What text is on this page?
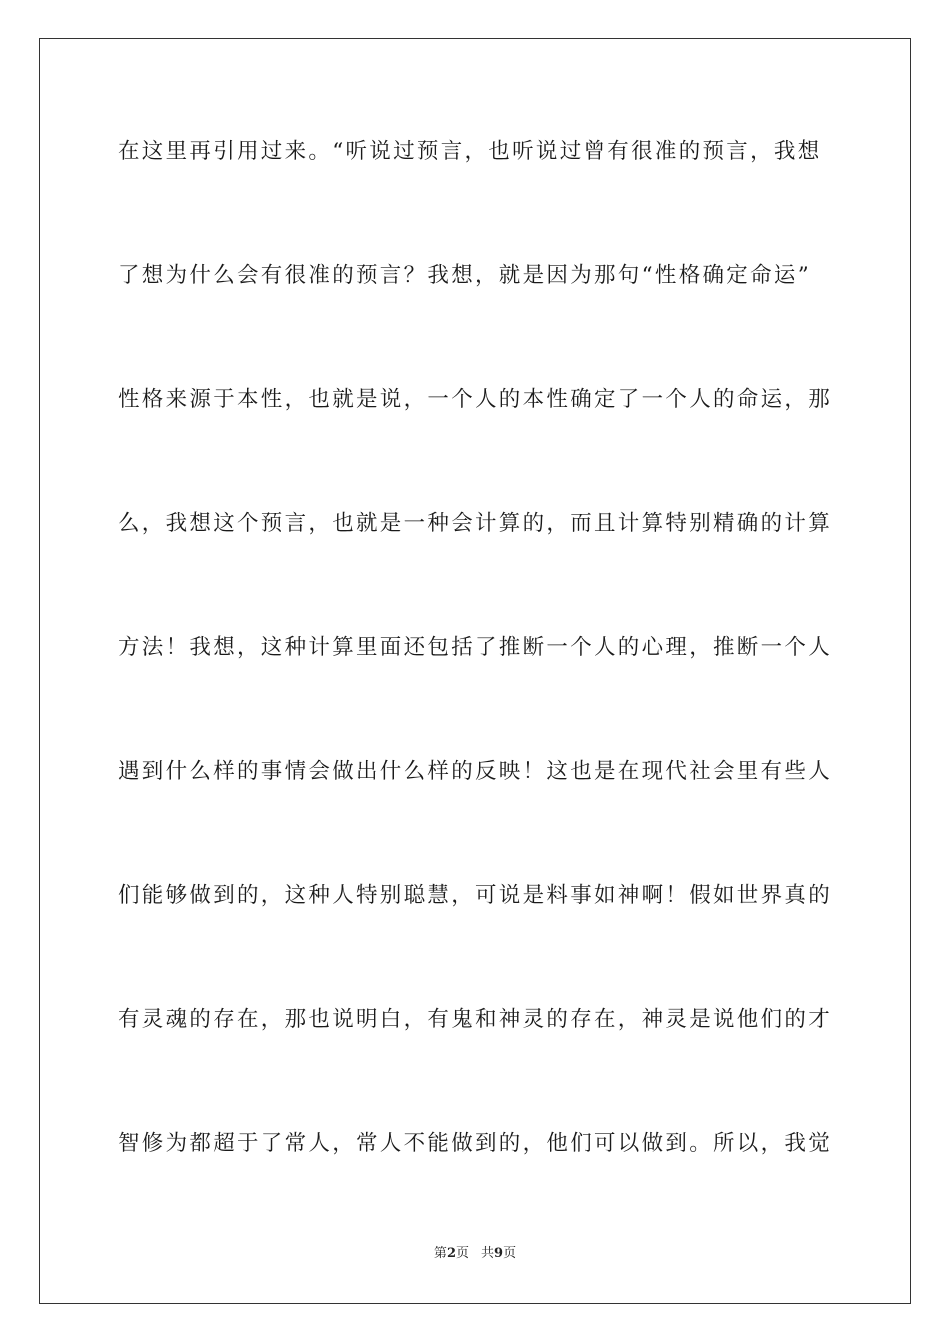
在这里再引用过来。“听说过预言，也听说过曾有很准的预言，我想
了想为什么会有很准的预言？我想，就是因为那句“性格确定命运”
性格来源于本性，也就是说，一个人的本性确定了一个人的命运，那
么，我想这个预言，也就是一种会计算的，而且计算特别精确的计算
方法！我想，这种计算里面还包括了推断一个人的心理，推断一个人
遇到什么样的事情会做出什么样的反映！这也是在现代社会里有些人
们能够做到的，这种人特别聪慧，可说是料事如神啊！假如世界真的
有灵魂的存在，那也说明白，有鬼和神灵的存在，神灵是说他们的才
智修为都超于了常人，常人不能做到的，他们可以做到。所以，我觉
第2页 共9页
